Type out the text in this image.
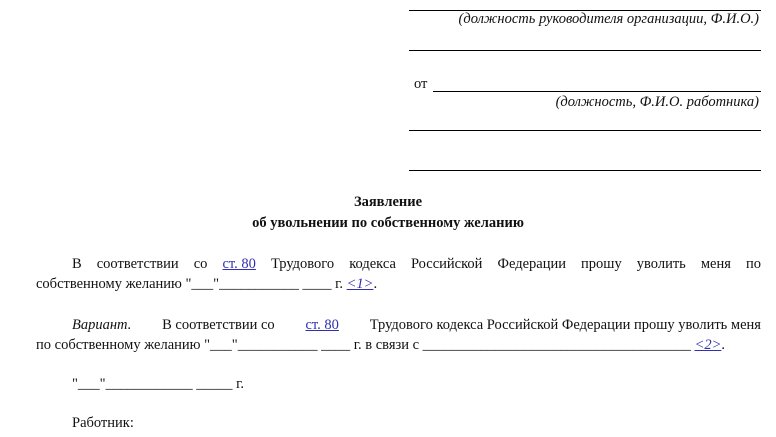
(должность руководителя организации, Ф.И.О.)
от
(должность, Ф.И.О. работника)
Заявление
об увольнении по собственному желанию
В соответствии со ст. 80 Трудового кодекса Российской Федерации прошу уволить меня по
собственному желанию "___"___________ ____ г. <1>.
Вариант. В соответствии со ст. 80 Трудового кодекса Российской Федерации прошу уволить меня
по собственному желанию "___"___________ ____ г. в связи с _____________________________________ <2>.
"___"____________ _____ г.
Работник:
